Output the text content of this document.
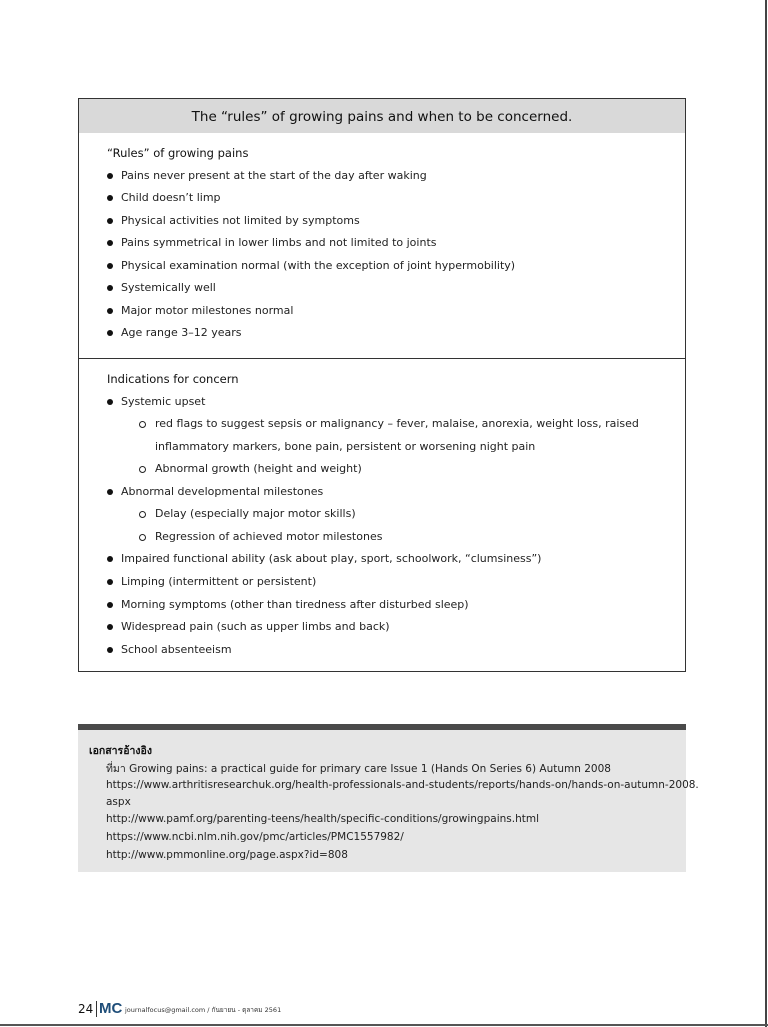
The “rules” of growing pains and when to be concerned.
“Rules” of growing pains
Pains never present at the start of the day after waking
Child doesn’t limp
Physical activities not limited by symptoms
Pains symmetrical in lower limbs and not limited to joints
Physical examination normal (with the exception of joint hypermobility)
Systemically well
Major motor milestones normal
Age range 3–12 years
Indications for concern
Systemic upset
red flags to suggest sepsis or malignancy – fever, malaise, anorexia, weight loss, raised
inflammatory markers, bone pain, persistent or worsening night pain
Abnormal growth (height and weight)
Abnormal developmental milestones
Delay (especially major motor skills)
Regression of achieved motor milestones
Impaired functional ability (ask about play, sport, schoolwork, “clumsiness”)
Limping (intermittent or persistent)
Morning symptoms (other than tiredness after disturbed sleep)
Widespread pain (such as upper limbs and back)
School absenteeism
เอกสารอ้างอิง
ที่มา Growing pains: a practical guide for primary care Issue 1 (Hands On Series 6) Autumn 2008
https://www.arthritisresearchuk.org/health-professionals-and-students/reports/hands-on/hands-on-autumn-2008.
aspx
http://www.pamf.org/parenting-teens/health/specific-conditions/growingpains.html
https://www.ncbi.nlm.nih.gov/pmc/articles/PMC1557982/
http://www.pmmonline.org/page.aspx?id=808
24 MC journalfocus@gmail.com / กันยายน - ตุลาคม 2561
